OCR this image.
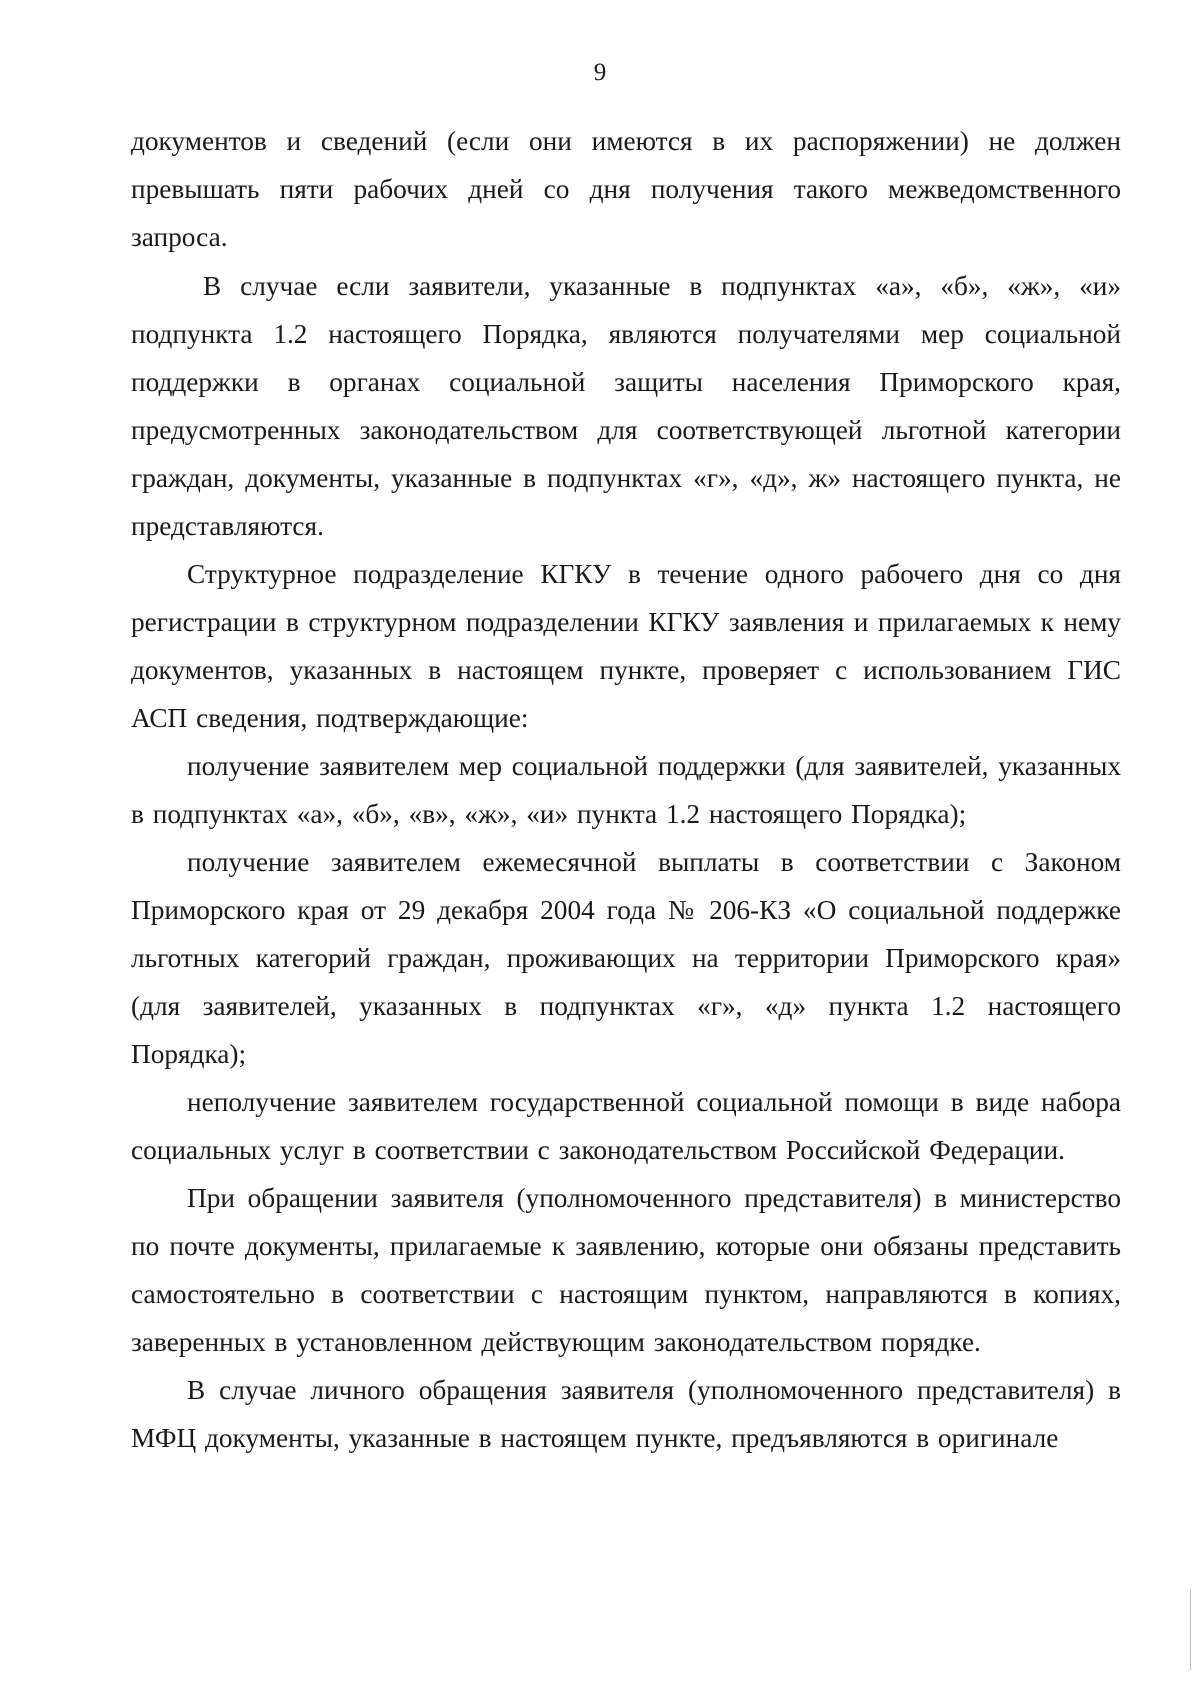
9

документов и сведений (если они имеются в их распоряжении) не должен превышать пяти рабочих дней со дня получения такого межведомственного запроса.

В случае если заявители, указанные в подпунктах «а», «б», «ж», «и» подпункта 1.2 настоящего Порядка, являются получателями мер социальной поддержки в органах социальной защиты населения Приморского края, предусмотренных законодательством для соответствующей льготной категории граждан, документы, указанные в подпунктах «г», «д», ж» настоящего пункта, не представляются.

Структурное подразделение КГКУ в течение одного рабочего дня со дня регистрации в структурном подразделении КГКУ заявления и прилагаемых к нему документов, указанных в настоящем пункте, проверяет с использованием ГИС АСП сведения, подтверждающие:

получение заявителем мер социальной поддержки (для заявителей, указанных в подпунктах «а», «б», «в», «ж», «и» пункта 1.2 настоящего Порядка);

получение заявителем ежемесячной выплаты в соответствии с Законом Приморского края от 29 декабря 2004 года № 206-КЗ «О социальной поддержке льготных категорий граждан, проживающих на территории Приморского края» (для заявителей, указанных в подпунктах «г», «д» пункта 1.2 настоящего Порядка);

неполучение заявителем государственной социальной помощи в виде набора социальных услуг в соответствии с законодательством Российской Федерации.

При обращении заявителя (уполномоченного представителя) в министерство по почте документы, прилагаемые к заявлению, которые они обязаны представить самостоятельно в соответствии с настоящим пунктом, направляются в копиях, заверенных в установленном действующим законодательством порядке.

В случае личного обращения заявителя (уполномоченного представителя) в МФЦ документы, указанные в настоящем пункте, предъявляются в оригинале
